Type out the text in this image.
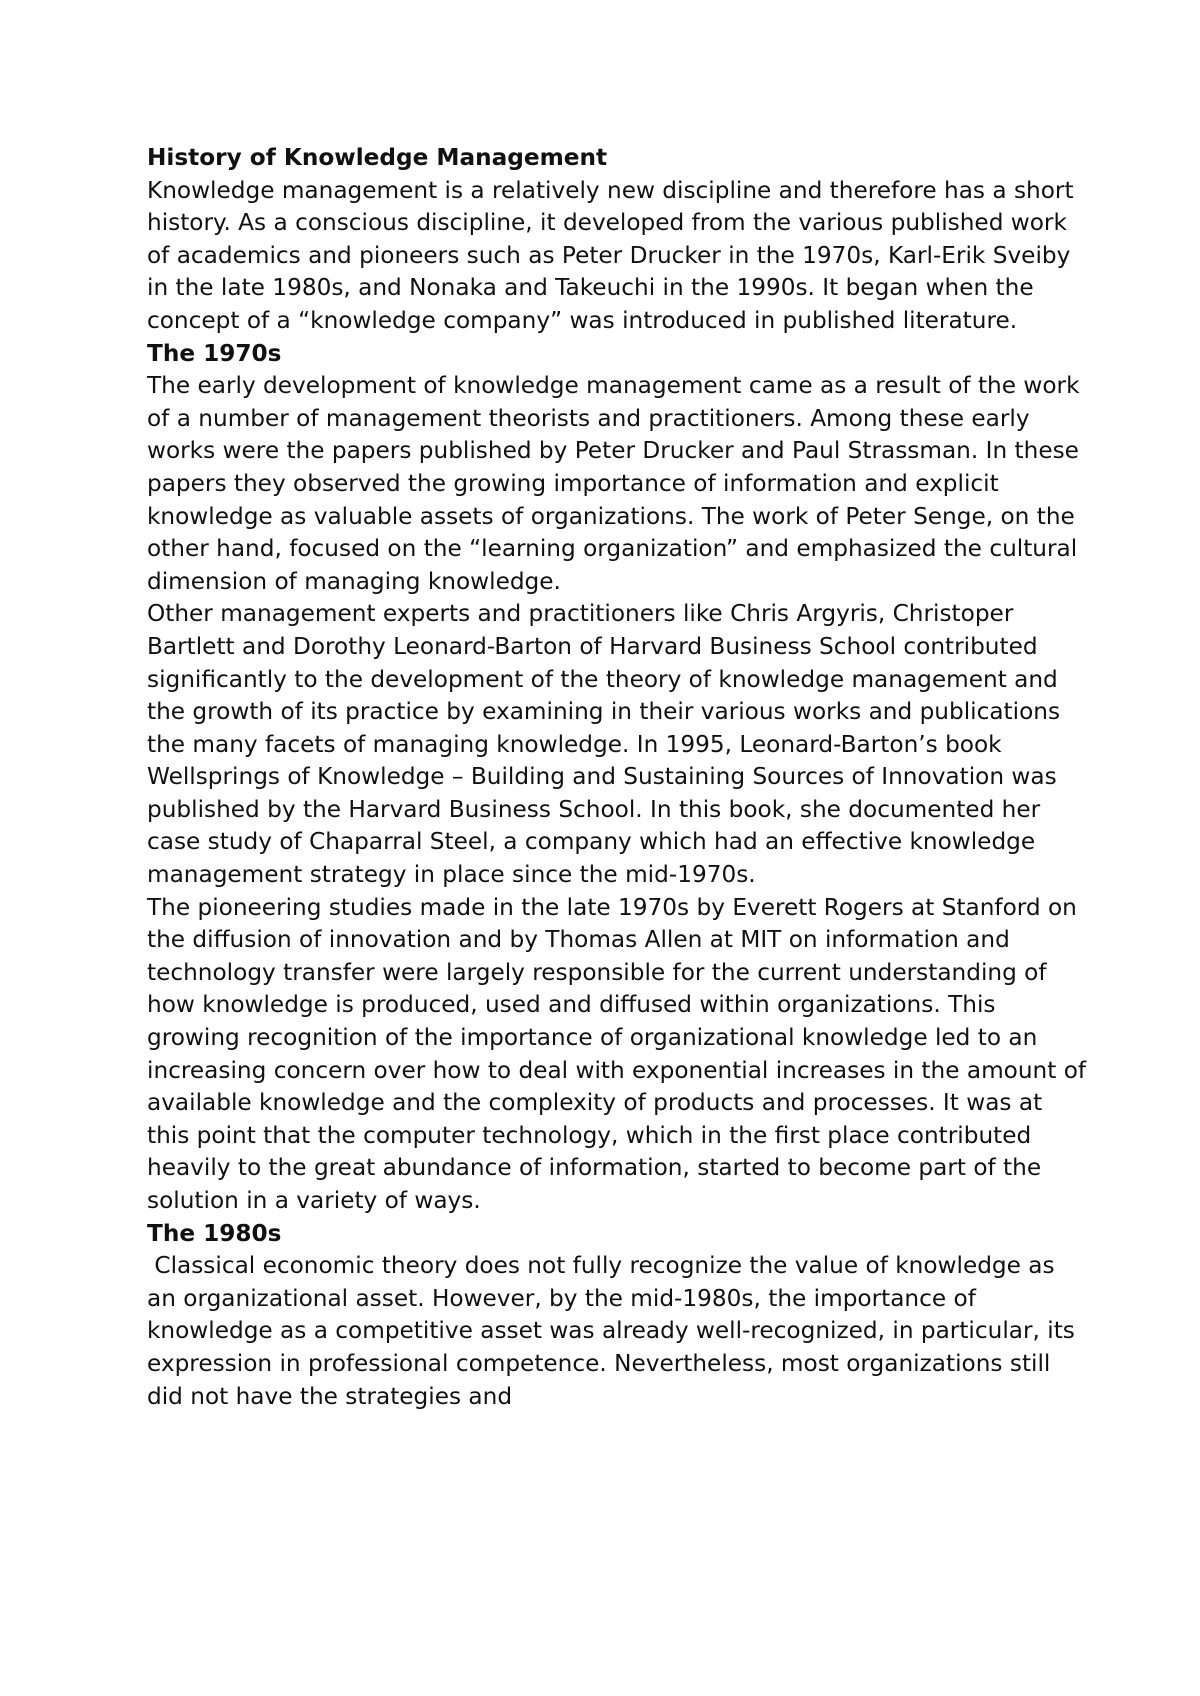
History of Knowledge Management

Knowledge management is a relatively new discipline and therefore has a short history. As a conscious discipline, it developed from the various published work of academics and pioneers such as Peter Drucker in the 1970s, Karl-Erik Sveiby in the late 1980s, and Nonaka and Takeuchi in the 1990s. It began when the concept of a “knowledge company” was introduced in published literature.

The 1970s

The early development of knowledge management came as a result of the work of a number of management theorists and practitioners. Among these early works were the papers published by Peter Drucker and Paul Strassman. In these papers they observed the growing importance of information and explicit knowledge as valuable assets of organizations. The work of Peter Senge, on the other hand, focused on the “learning organization” and emphasized the cultural dimension of managing knowledge.

Other management experts and practitioners like Chris Argyris, Christoper Bartlett and Dorothy Leonard-Barton of Harvard Business School contributed significantly to the development of the theory of knowledge management and the growth of its practice by examining in their various works and publications the many facets of managing knowledge. In 1995, Leonard-Barton’s book Wellsprings of Knowledge – Building and Sustaining Sources of Innovation was published by the Harvard Business School. In this book, she documented her case study of Chaparral Steel, a company which had an effective knowledge management strategy in place since the mid-1970s.

The pioneering studies made in the late 1970s by Everett Rogers at Stanford on the diffusion of innovation and by Thomas Allen at MIT on information and technology transfer were largely responsible for the current understanding of how knowledge is produced, used and diffused within organizations. This growing recognition of the importance of organizational knowledge led to an increasing concern over how to deal with exponential increases in the amount of available knowledge and the complexity of products and processes. It was at this point that the computer technology, which in the first place contributed heavily to the great abundance of information, started to become part of the solution in a variety of ways.

The 1980s

Classical economic theory does not fully recognize the value of knowledge as an organizational asset. However, by the mid-1980s, the importance of knowledge as a competitive asset was already well-recognized, in particular, its expression in professional competence. Nevertheless, most organizations still did not have the strategies and
